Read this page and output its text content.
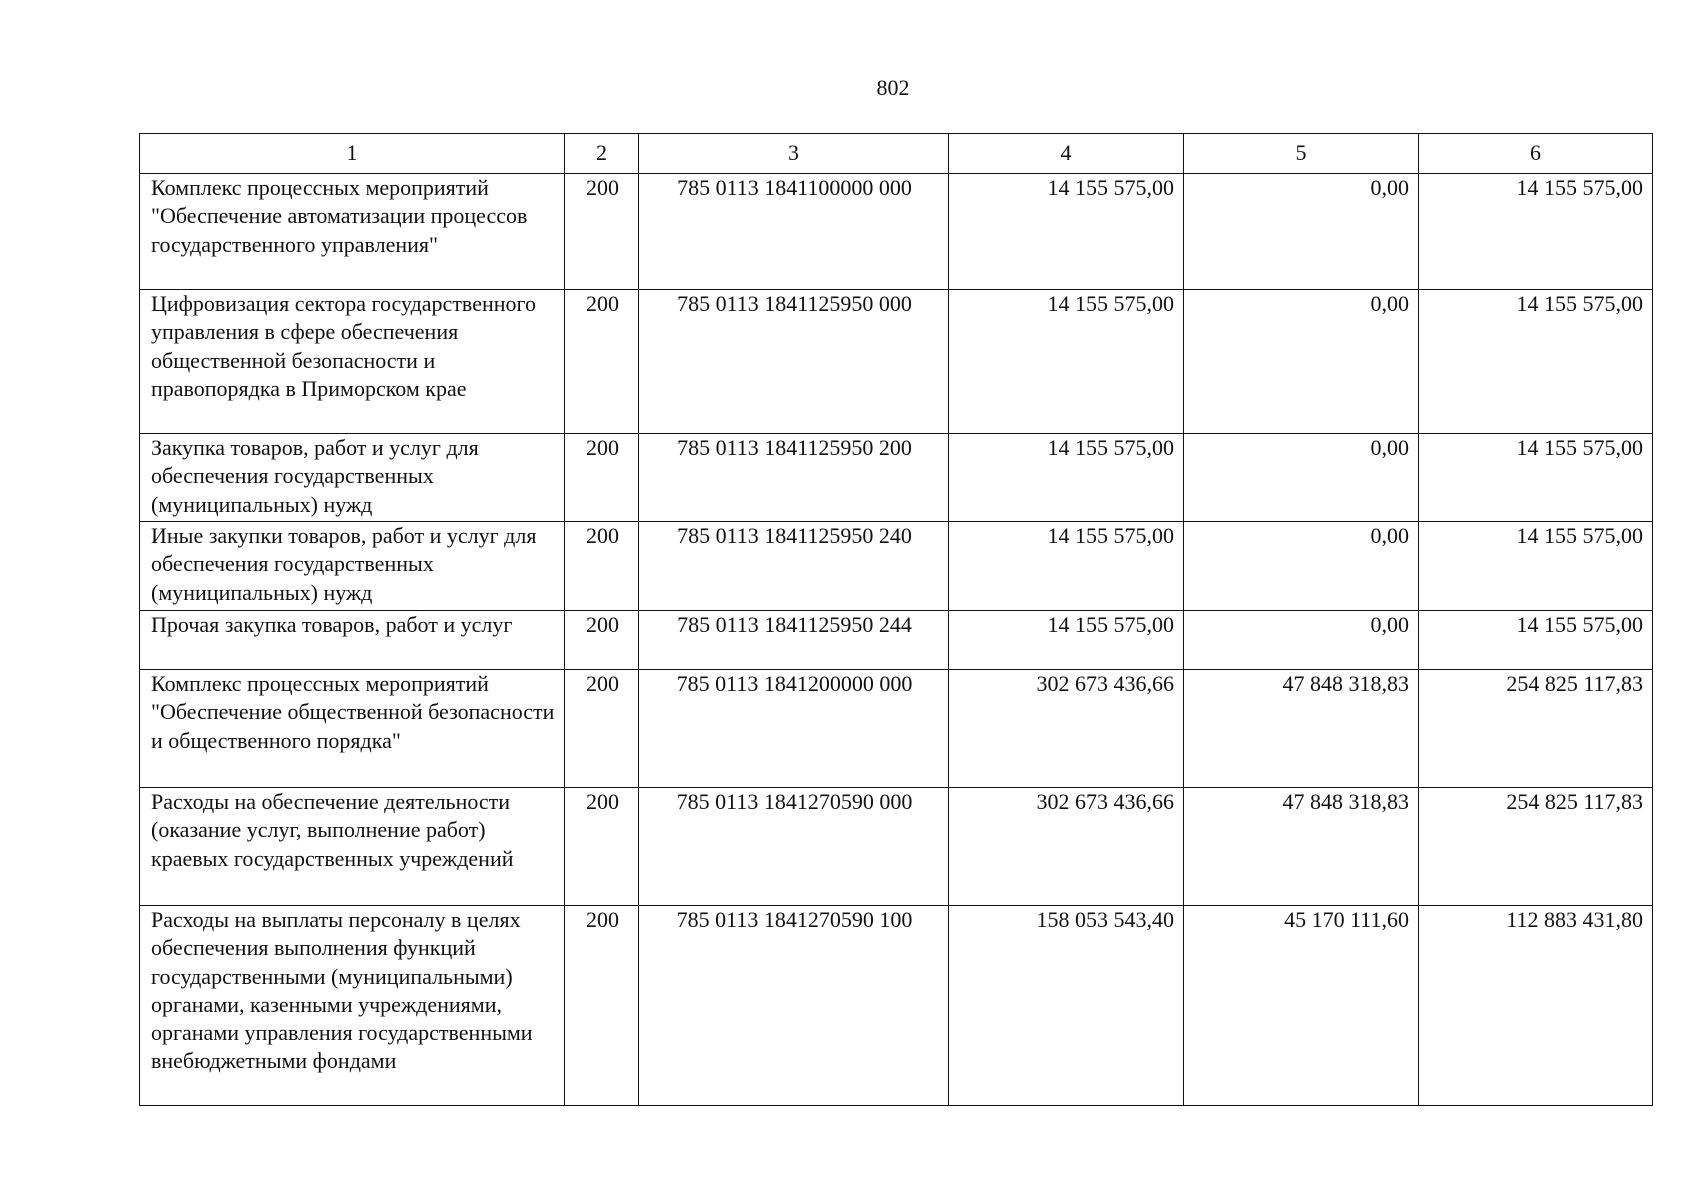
802
1	2	3	4	5	6
Комплекс процессных мероприятий "Обеспечение автоматизации процессов государственного управления"	200	785 0113 1841100000 000	14 155 575,00	0,00	14 155 575,00
Цифровизация сектора государственного управления в сфере обеспечения общественной безопасности и правопорядка в Приморском крае	200	785 0113 1841125950 000	14 155 575,00	0,00	14 155 575,00
Закупка товаров, работ и услуг для обеспечения государственных (муниципальных) нужд	200	785 0113 1841125950 200	14 155 575,00	0,00	14 155 575,00
Иные закупки товаров, работ и услуг для обеспечения государственных (муниципальных) нужд	200	785 0113 1841125950 240	14 155 575,00	0,00	14 155 575,00
Прочая закупка товаров, работ и услуг	200	785 0113 1841125950 244	14 155 575,00	0,00	14 155 575,00
Комплекс процессных мероприятий "Обеспечение общественной безопасности и общественного порядка"	200	785 0113 1841200000 000	302 673 436,66	47 848 318,83	254 825 117,83
Расходы на обеспечение деятельности (оказание услуг, выполнение работ) краевых государственных учреждений	200	785 0113 1841270590 000	302 673 436,66	47 848 318,83	254 825 117,83
Расходы на выплаты персоналу в целях обеспечения выполнения функций государственными (муниципальными) органами, казенными учреждениями, органами управления государственными внебюджетными фондами	200	785 0113 1841270590 100	158 053 543,40	45 170 111,60	112 883 431,80
